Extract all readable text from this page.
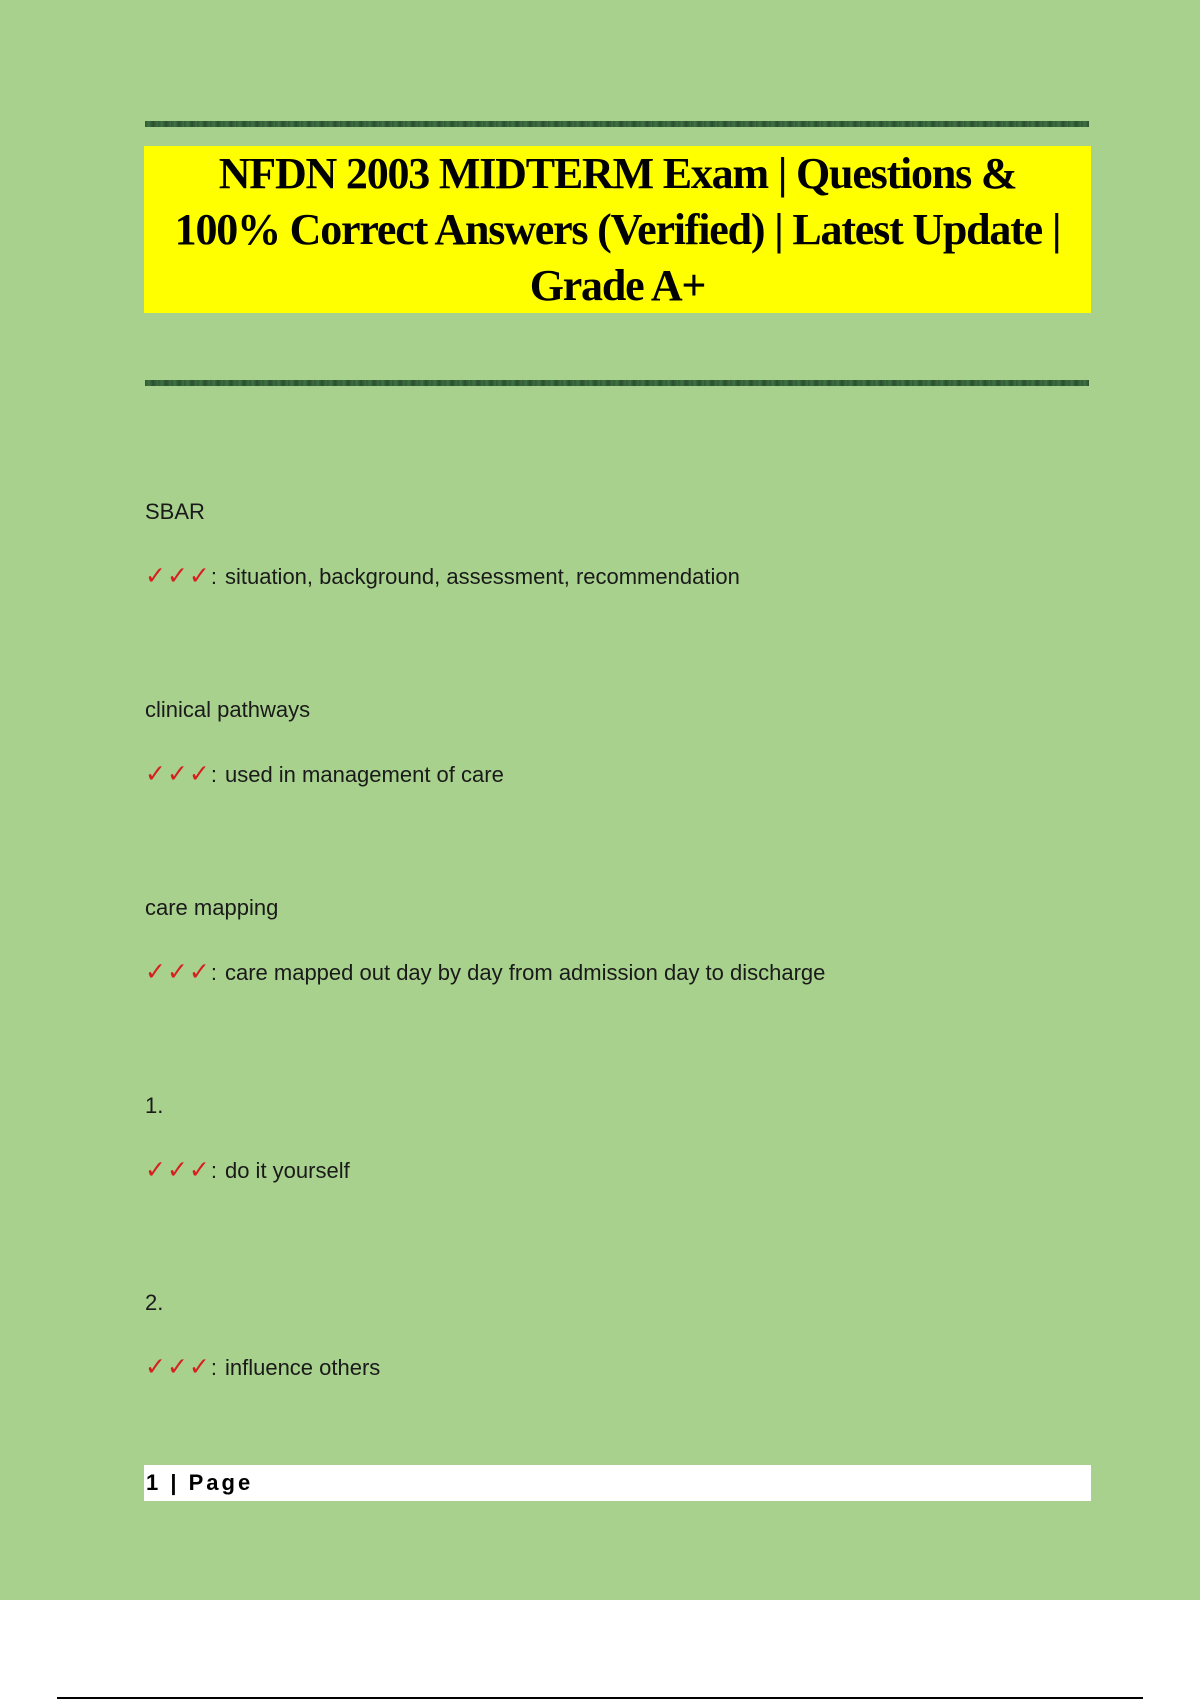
NFDN 2003 MIDTERM Exam | Questions & 100% Correct Answers (Verified) | Latest Update | Grade A+
SBAR
✓✓✓ : situation, background, assessment, recommendation
clinical pathways
✓✓✓ : used in management of care
care mapping
✓✓✓ : care mapped out day by day from admission day to discharge
1.
✓✓✓ : do it yourself
2.
✓✓✓ : influence others
1 | Page
